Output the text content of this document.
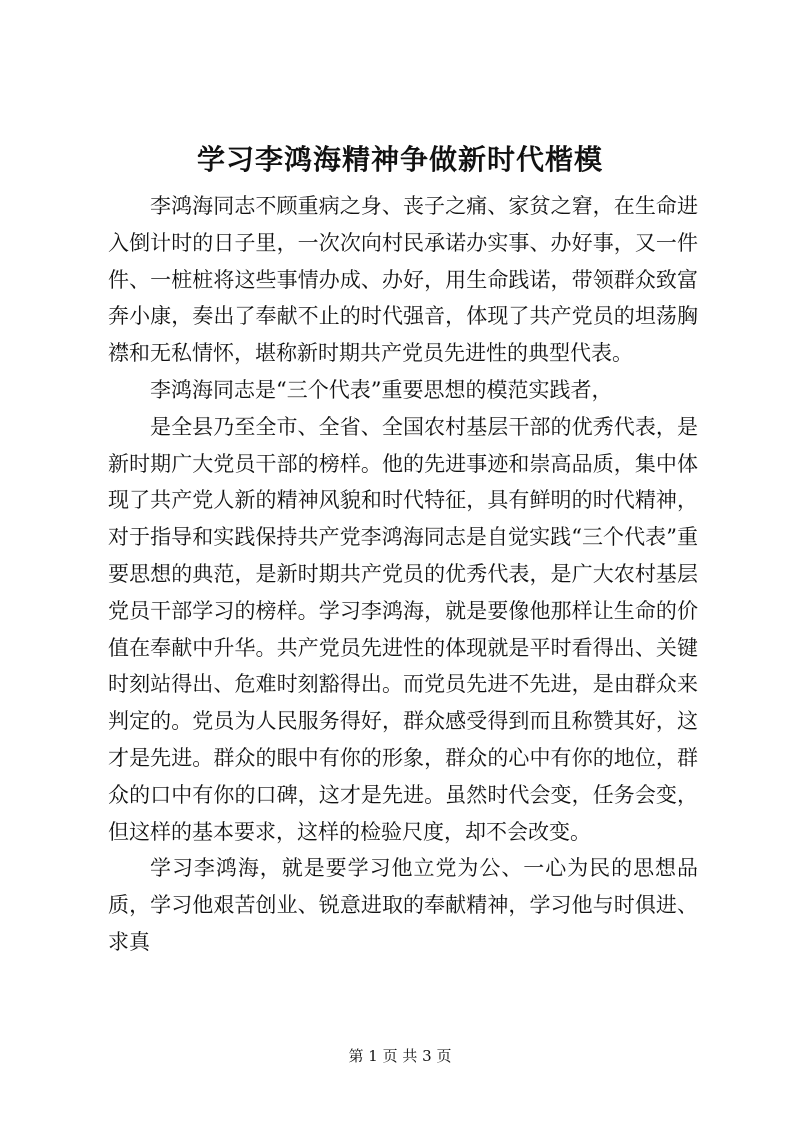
学习李鸿海精神争做新时代楷模

李鸿海同志不顾重病之身、丧子之痛、家贫之窘，在生命进入倒计时的日子里，一次次向村民承诺办实事、办好事，又一件件、一桩桩将这些事情办成、办好，用生命践诺，带领群众致富奔小康，奏出了奉献不止的时代强音，体现了共产党员的坦荡胸襟和无私情怀，堪称新时期共产党员先进性的典型代表。

李鸿海同志是“三个代表”重要思想的模范实践者，

是全县乃至全市、全省、全国农村基层干部的优秀代表，是新时期广大党员干部的榜样。他的先进事迹和崇高品质，集中体现了共产党人新的精神风貌和时代特征，具有鲜明的时代精神，对于指导和实践保持共产党李鸿海同志是自觉实践“三个代表”重要思想的典范，是新时期共产党员的优秀代表，是广大农村基层党员干部学习的榜样。学习李鸿海，就是要像他那样让生命的价值在奉献中升华。共产党员先进性的体现就是平时看得出、关键时刻站得出、危难时刻豁得出。而党员先进不先进，是由群众来判定的。党员为人民服务得好，群众感受得到而且称赞其好，这才是先进。群众的眼中有你的形象，群众的心中有你的地位，群众的口中有你的口碑，这才是先进。虽然时代会变，任务会变，但这样的基本要求，这样的检验尺度，却不会改变。

学习李鸿海，就是要学习他立党为公、一心为民的思想品质，学习他艰苦创业、锐意进取的奉献精神，学习他与时俱进、求真

第 1 页 共 3 页
